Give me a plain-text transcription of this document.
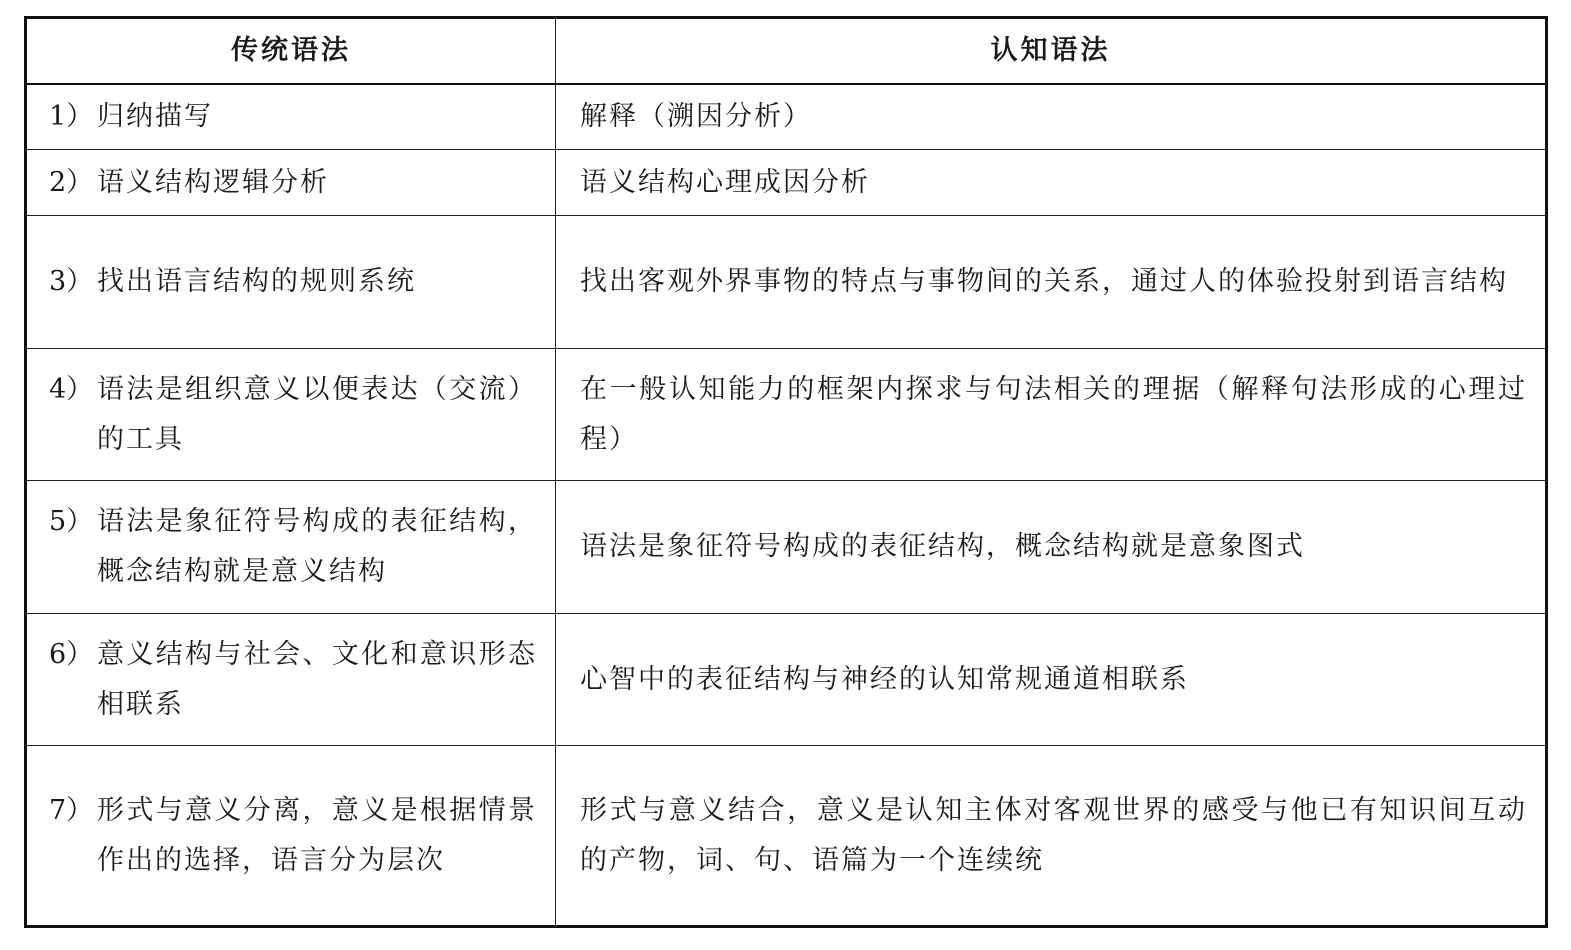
传统语法	认知语法

1） 归纳描写	解释（溯因分析）

2） 语义结构逻辑分析	语义结构心理成因分析

3） 找出语言结构的规则系统	找出客观外界事物的特点与事物间的关系，通过人的体验投射到语言结构

4） 语法是组织意义以便表达（交流）的工具	在一般认知能力的框架内探求与句法相关的理据（解释句法形成的心理过程）

5） 语法是象征符号构成的表征结构，概念结构就是意义结构	语法是象征符号构成的表征结构，概念结构就是意象图式

6） 意义结构与社会、文化和意识形态相联系	心智中的表征结构与神经的认知常规通道相联系

7） 形式与意义分离，意义是根据情景作出的选择，语言分为层次	形式与意义结合，意义是认知主体对客观世界的感受与他已有知识间互动的产物，词、句、语篇为一个连续统
